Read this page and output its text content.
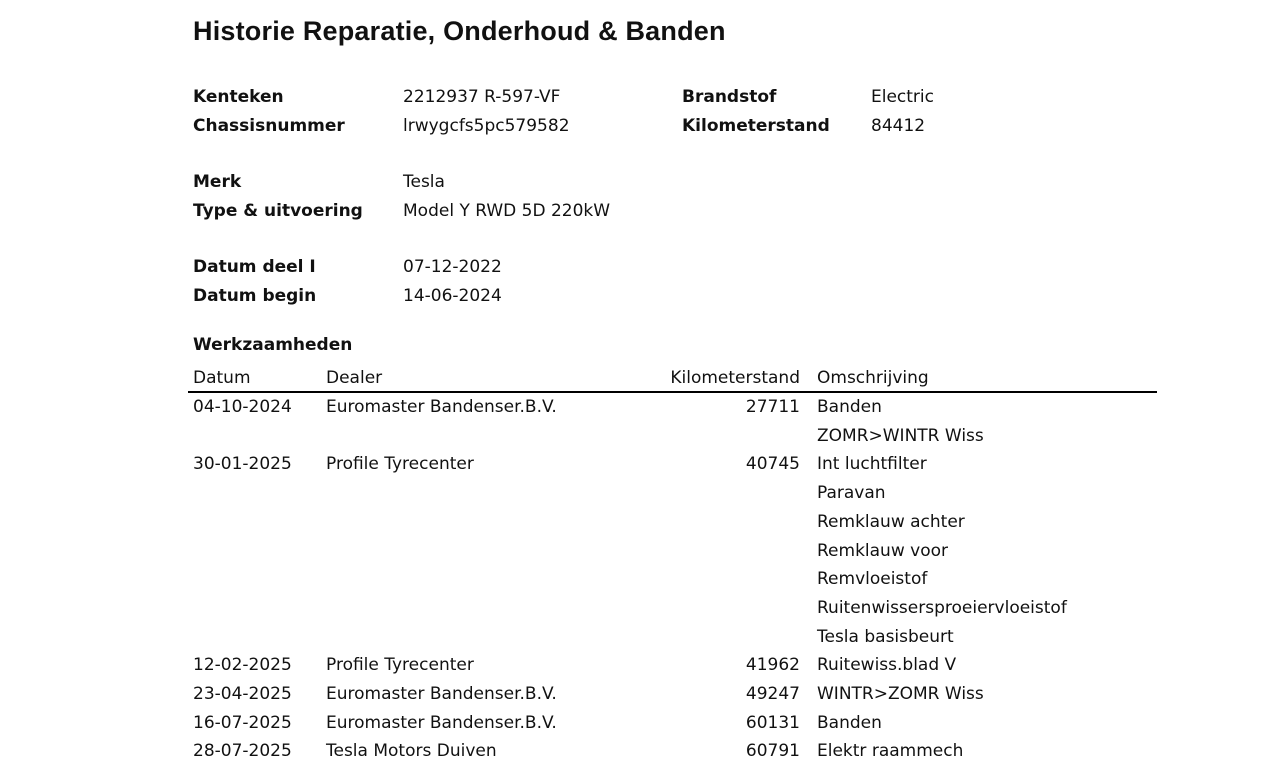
Historie Reparatie, Onderhoud & Banden
Kenteken	2212937 R-597-VF	Brandstof	Electric
Chassisnummer	lrwygcfs5pc579582	Kilometerstand 84412
Merk	Tesla
Type & uitvoering Model Y RWD 5D 220kW
Datum deel I	07-12-2022
Datum begin	14-06-2024
Werkzaamheden
Datum	Dealer	Kilometerstand Omschrijving
04-10-2024 Euromaster Bandenser.B.V.	27711 Banden
ZOMR>WINTR Wiss
30-01-2025 Profile Tyrecenter	40745 Int luchtfilter
Paravan
Remklauw achter
Remklauw voor
Remvloeistof
Ruitenwissersproeiervloeistof
Tesla basisbeurt
12-02-2025 Profile Tyrecenter	41962 Ruitewiss.blad V
23-04-2025 Euromaster Bandenser.B.V.	49247 WINTR>ZOMR Wiss
16-07-2025 Euromaster Bandenser.B.V.	60131 Banden
28-07-2025 Tesla Motors Duiven	60791 Elektr raammech
